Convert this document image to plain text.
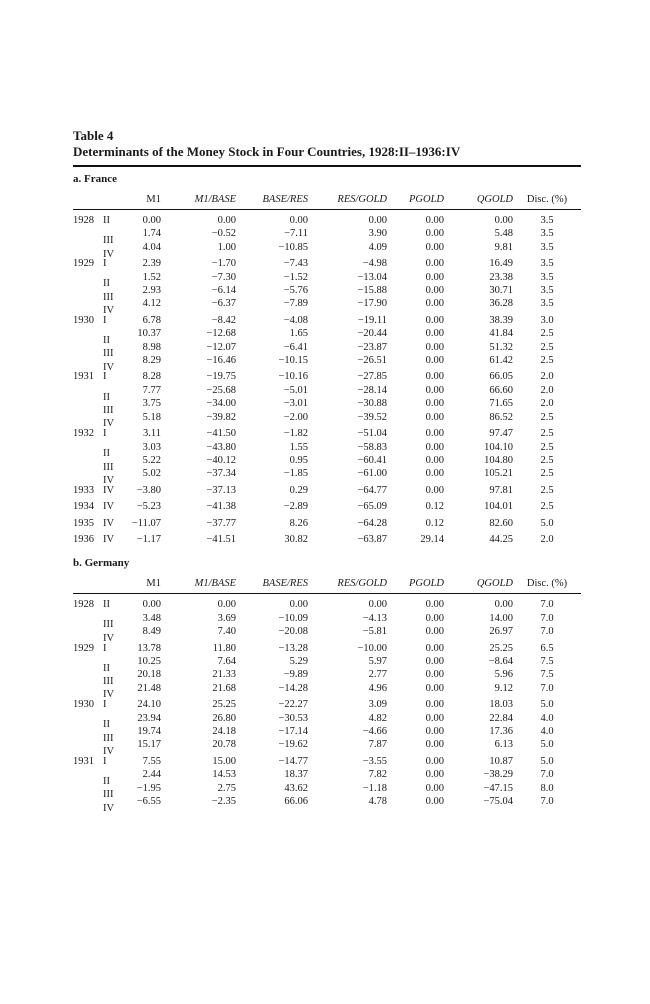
Table 4
Determinants of the Money Stock in Four Countries, 1928:II–1936:IV
a. France
	M1	M1/BASE	BASE/RES	RES/GOLD	PGOLD	QGOLD	Disc. (%)
1928 II	0.00	0.00	0.00	0.00	0.00	0.00	3.5

III	1.74	−0.52	−7.11	3.90	0.00	5.48	3.5

IV	4.04	1.00	−10.85	4.09	0.00	9.81	3.5
1929 I	2.39	−1.70	−7.43	−4.98	0.00	16.49	3.5

II	1.52	−7.30	−1.52	−13.04	0.00	23.38	3.5

III	2.93	−6.14	−5.76	−15.88	0.00	30.71	3.5

IV	4.12	−6.37	−7.89	−17.90	0.00	36.28	3.5
1930 I	6.78	−8.42	−4.08	−19.11	0.00	38.39	3.0

II	10.37	−12.68	1.65	−20.44	0.00	41.84	2.5

III	8.98	−12.07	−6.41	−23.87	0.00	51.32	2.5

IV	8.29	−16.46	−10.15	−26.51	0.00	61.42	2.5
1931 I	8.28	−19.75	−10.16	−27.85	0.00	66.05	2.0

II	7.77	−25.68	−5.01	−28.14	0.00	66.60	2.0

III	3.75	−34.00	−3.01	−30.88	0.00	71.65	2.0

IV	5.18	−39.82	−2.00	−39.52	0.00	86.52	2.5
1932 I	3.11	−41.50	−1.82	−51.04	0.00	97.47	2.5

II	3.03	−43.80	1.55	−58.83	0.00	104.10	2.5

III	5.22	−40.12	0.95	−60.41	0.00	104.80	2.5

IV	5.02	−37.34	−1.85	−61.00	0.00	105.21	2.5
1933 IV	−3.80	−37.13	0.29	−64.77	0.00	97.81	2.5
1934 IV	−5.23	−41.38	−2.89	−65.09	0.12	104.01	2.5
1935 IV	−11.07	−37.77	8.26	−64.28	0.12	82.60	5.0
1936 IV	−1.17	−41.51	30.82	−63.87	29.14	44.25	2.0
b. Germany
	M1	M1/BASE	BASE/RES	RES/GOLD	PGOLD	QGOLD	Disc. (%)
1928 II	0.00	0.00	0.00	0.00	0.00	0.00	7.0

III	3.48	3.69	−10.09	−4.13	0.00	14.00	7.0

IV	8.49	7.40	−20.08	−5.81	0.00	26.97	7.0
1929 I	13.78	11.80	−13.28	−10.00	0.00	25.25	6.5

II	10.25	7.64	5.29	5.97	0.00	−8.64	7.5

III	20.18	21.33	−9.89	2.77	0.00	5.96	7.5

IV	21.48	21.68	−14.28	4.96	0.00	9.12	7.0
1930 I	24.10	25.25	−22.27	3.09	0.00	18.03	5.0

II	23.94	26.80	−30.53	4.82	0.00	22.84	4.0

III	19.74	24.18	−17.14	−4.66	0.00	17.36	4.0

IV	15.17	20.78	−19.62	7.87	0.00	6.13	5.0
1931 I	7.55	15.00	−14.77	−3.55	0.00	10.87	5.0

II	2.44	14.53	18.37	7.82	0.00	−38.29	7.0

III	−1.95	2.75	43.62	−1.18	0.00	−47.15	8.0

IV	−6.55	−2.35	66.06	4.78	0.00	−75.04	7.0
